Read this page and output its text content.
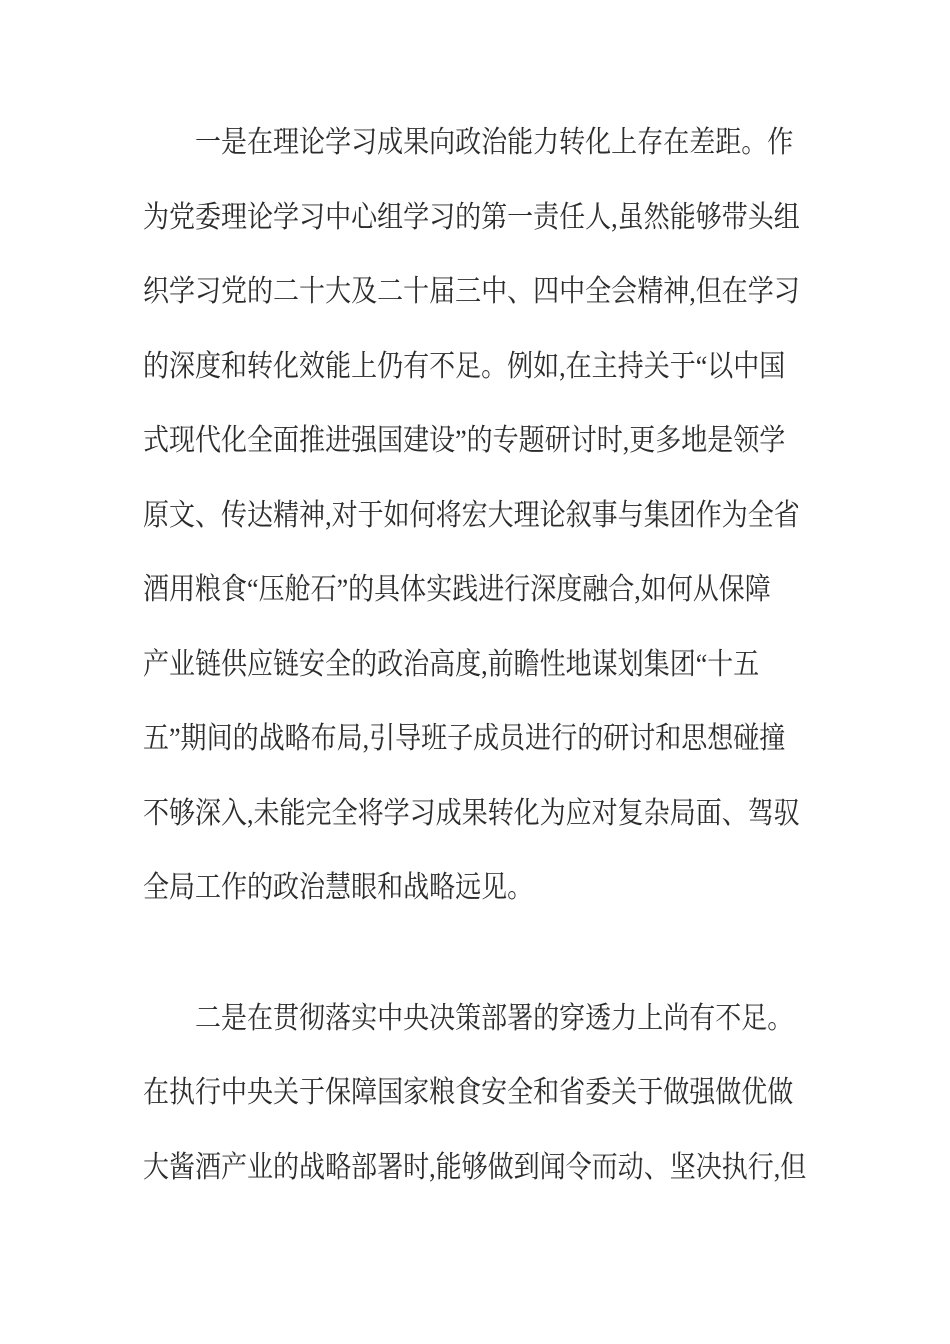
一是在理论学习成果向政治能力转化上存在差距。作
为党委理论学习中心组学习的第一责任人,虽然能够带头组
织学习党的二十大及二十届三中、四中全会精神,但在学习
的深度和转化效能上仍有不足。例如,在主持关于“以中国
式现代化全面推进强国建设”的专题研讨时,更多地是领学
原文、传达精神,对于如何将宏大理论叙事与集团作为全省
酒用粮食“压舱石”的具体实践进行深度融合,如何从保障
产业链供应链安全的政治高度,前瞻性地谋划集团“十五
五”期间的战略布局,引导班子成员进行的研讨和思想碰撞
不够深入,未能完全将学习成果转化为应对复杂局面、驾驭
全局工作的政治慧眼和战略远见。
二是在贯彻落实中央决策部署的穿透力上尚有不足。
在执行中央关于保障国家粮食安全和省委关于做强做优做
大酱酒产业的战略部署时,能够做到闻令而动、坚决执行,但
